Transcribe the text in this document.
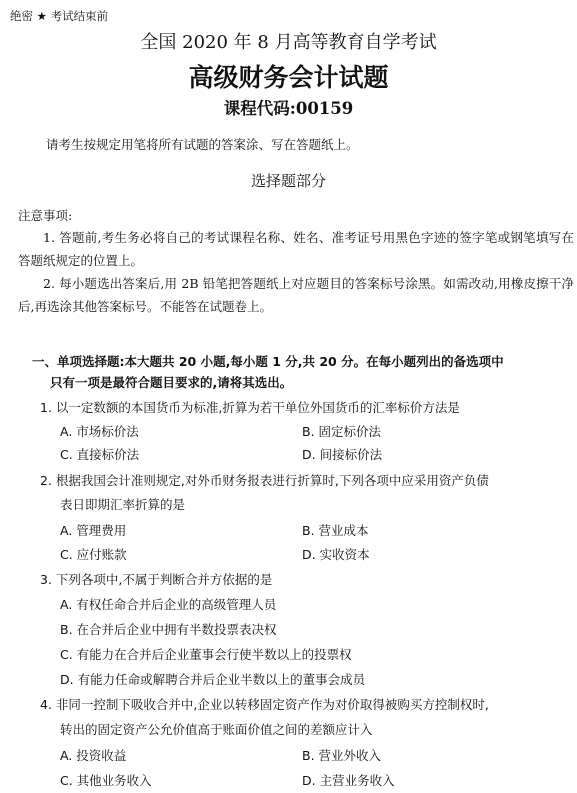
绝密 ★ 考试结束前
全国 2020 年 8 月高等教育自学考试
高级财务会计试题
课程代码:00159
请考生按规定用笔将所有试题的答案涂、写在答题纸上。
选择题部分
注意事项:
1. 答题前,考生务必将自己的考试课程名称、姓名、准考证号用黑色字迹的签字笔或钢笔填写在答题纸规定的位置上。
2. 每小题选出答案后,用 2B 铅笔把答题纸上对应题目的答案标号涂黑。如需改动,用橡皮擦干净后,再选涂其他答案标号。不能答在试题卷上。
一、单项选择题:本大题共 20 小题,每小题 1 分,共 20 分。在每小题列出的备选项中
只有一项是最符合题目要求的,请将其选出。
1. 以一定数额的本国货币为标准,折算为若干单位外国货币的汇率标价方法是
A. 市场标价法	B. 固定标价法
C. 直接标价法	D. 间接标价法
2. 根据我国会计准则规定,对外币财务报表进行折算时,下列各项中应采用资产负债
表日即期汇率折算的是
A. 管理费用	B. 营业成本
C. 应付账款	D. 实收资本
3. 下列各项中,不属于判断合并方依据的是
A. 有权任命合并后企业的高级管理人员
B. 在合并后企业中拥有半数投票表决权
C. 有能力在合并后企业董事会行使半数以上的投票权
D. 有能力任命或解聘合并后企业半数以上的董事会成员
4. 非同一控制下吸收合并中,企业以转移固定资产作为对价取得被购买方控制权时,
转出的固定资产公允价值高于账面价值之间的差额应计入
A. 投资收益	B. 营业外收入
C. 其他业务收入	D. 主营业务收入
